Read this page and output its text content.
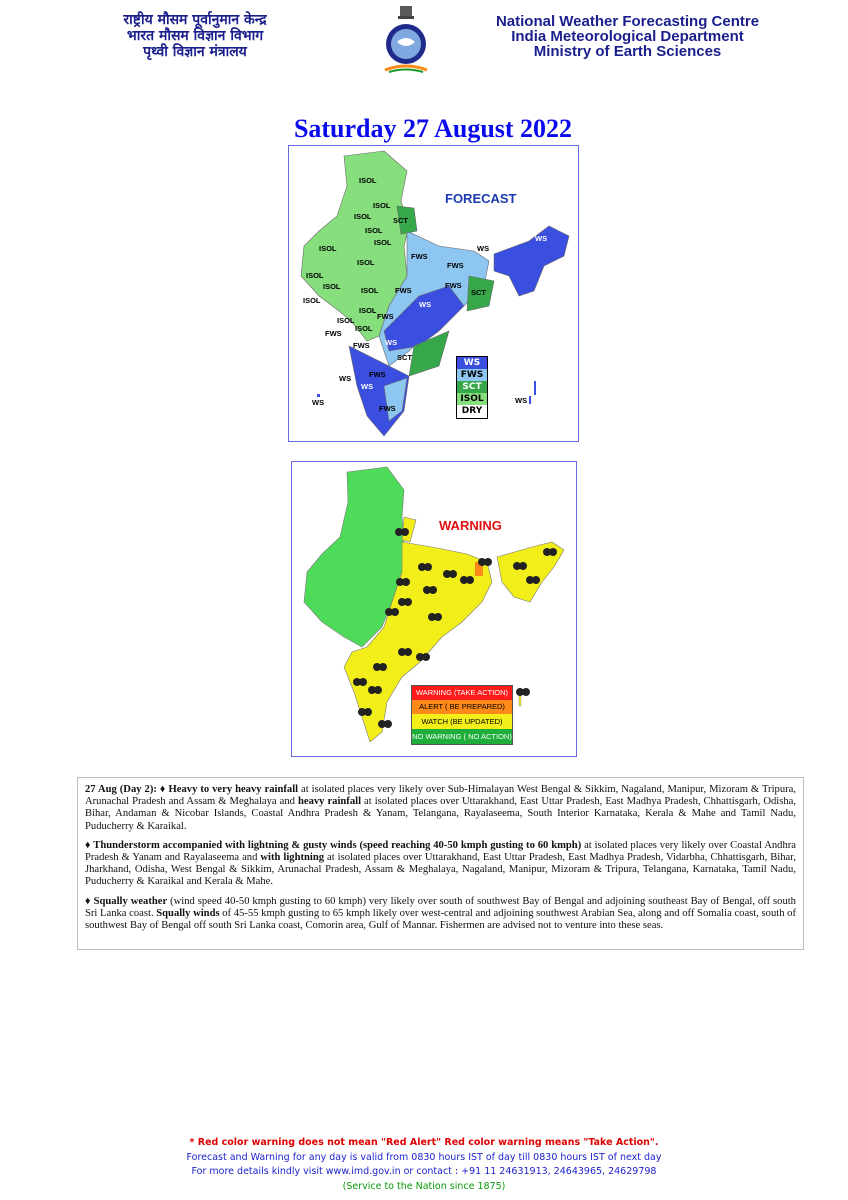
राष्ट्रीय मौसम पूर्वानुमान केन्द्र
भारत मौसम विज्ञान विभाग
पृथ्वी विज्ञान मंत्रालय
National Weather Forecasting Centre
India Meteorological Department
Ministry of Earth Sciences
Saturday 27 August 2022
FORECAST
ISOL
ISOL
SCT
ISOL
ISOL
ISOL
ISOL
ISOL
FWS
FWS
WS
WS
ISOL
ISOL	ISOL FWS
FWS
SCT
ISOL
ISOL
WS
ISOL	FWS
FWS
ISOL
WS
FWS
SCT
WS FWS
WS
WS
FWS
WS
WS
FWS
SCT
ISOL
DRY
WARNING
WARNING (TAKE ACTION)
ALERT ( BE PREPARED)
WATCH (BE UPDATED)
NO WARNING ( NO ACTION)

27 Aug (Day 2): ♦ Heavy to very heavy rainfall at isolated places very likely over Sub-Himalayan West Bengal & Sikkim, Nagaland, Manipur, Mizoram & Tripura, Arunachal Pradesh and Assam & Meghalaya and heavy rainfall at isolated places over Uttarakhand, East Uttar Pradesh, East Madhya Pradesh, Chhattisgarh, Odisha, Bihar, Andaman & Nicobar Islands, Coastal Andhra Pradesh & Yanam, Telangana, Rayalaseema, South Interior Karnataka, Kerala & Mahe and Tamil Nadu, Puducherry & Karaikal.

♦ Thunderstorm accompanied with lightning & gusty winds (speed reaching 40-50 kmph gusting to 60 kmph) at isolated places very likely over Coastal Andhra Pradesh & Yanam and Rayalaseema and with lightning at isolated places over Uttarakhand, East Uttar Pradesh, East Madhya Pradesh, Vidarbha, Chhattisgarh, Bihar, Jharkhand, Odisha, West Bengal & Sikkim, Arunachal Pradesh, Assam & Meghalaya, Nagaland, Manipur, Mizoram & Tripura, Telangana, Karnataka, Tamil Nadu, Puducherry & Karaikal and Kerala & Mahe.

♦ Squally weather (wind speed 40-50 kmph gusting to 60 kmph) very likely over south of southwest Bay of Bengal and adjoining southeast Bay of Bengal, off south Sri Lanka coast. Squally winds of 45-55 kmph gusting to 65 kmph likely over west-central and adjoining southwest Arabian Sea, along and off Somalia coast, south of southwest Bay of Bengal off south Sri Lanka coast, Comorin area, Gulf of Mannar. Fishermen are advised not to venture into these seas.

* Red color warning does not mean "Red Alert" Red color warning means "Take Action".
Forecast and Warning for any day is valid from 0830 hours IST of day till 0830 hours IST of next day
For more details kindly visit www.imd.gov.in or contact : +91 11 24631913, 24643965, 24629798
(Service to the Nation since 1875)
